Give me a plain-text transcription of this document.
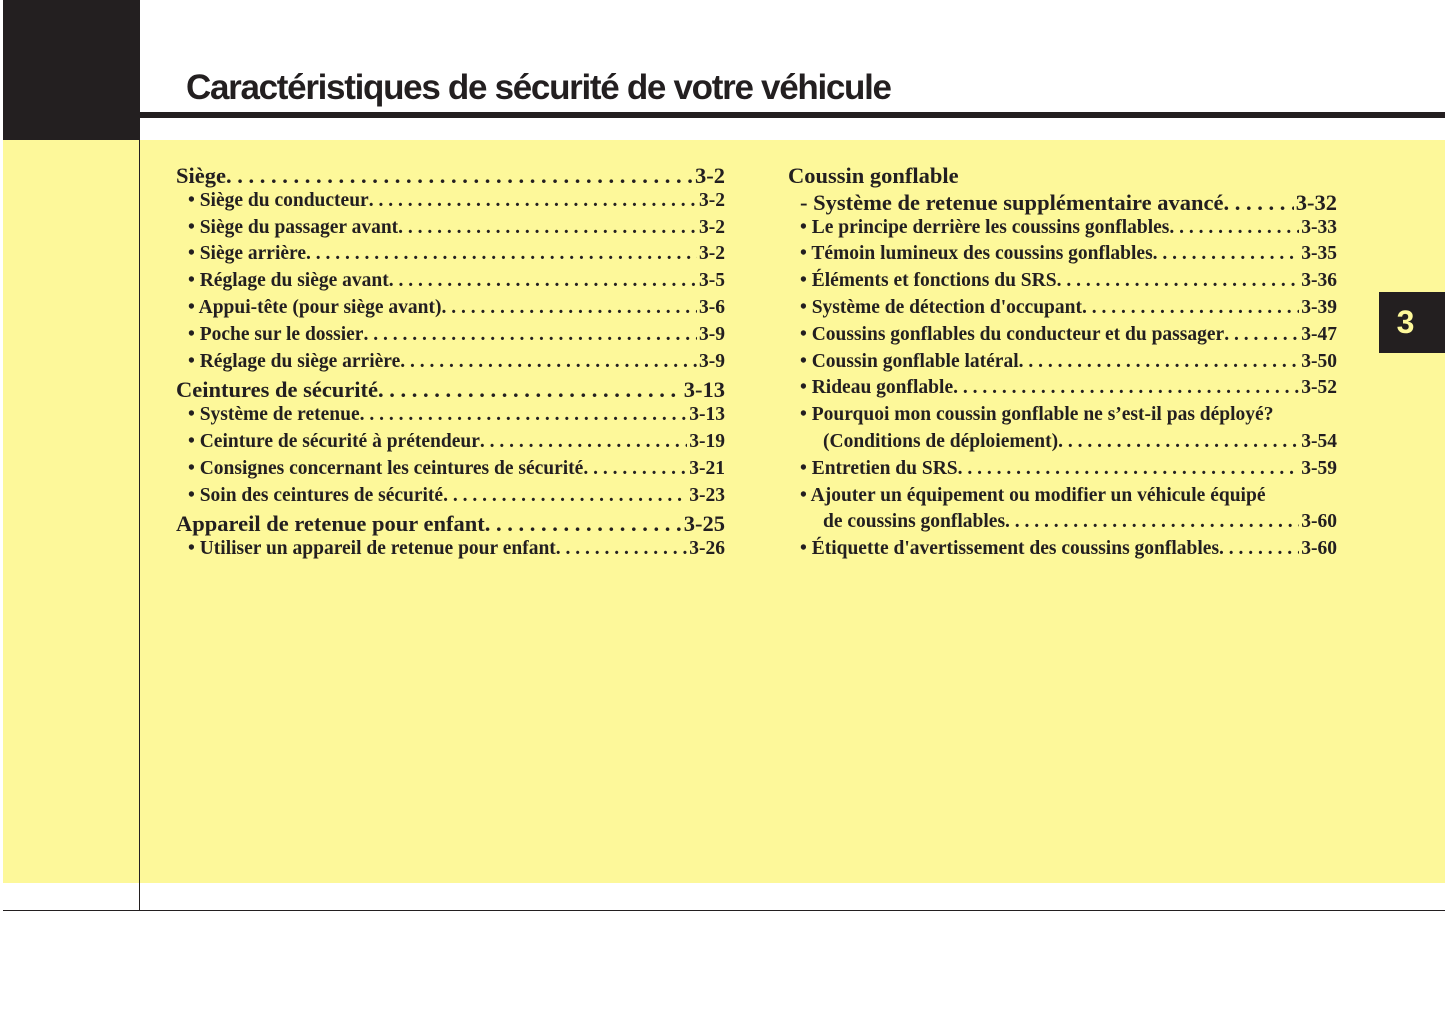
Caractéristiques de sécurité de votre véhicule
3
Siège . . .	3-2
• Siège du conducteur . . .	3-2
• Siège du passager avant . . .	3-2
• Siège arrière . . .	3-2
• Réglage du siège avant . . .	3-5
• Appui-tête (pour siège avant) . . .	3-6
• Poche sur le dossier . . .	3-9
• Réglage du siège arrière . . .	3-9
Ceintures de sécurité . . .	3-13
• Système de retenue . . .	3-13
• Ceinture de sécurité à prétendeur . . .	3-19
• Consignes concernant les ceintures de sécurité . . .	3-21
• Soin des ceintures de sécurité . . .	3-23
Appareil de retenue pour enfant . . .	3-25
• Utiliser un appareil de retenue pour enfant . . .	3-26
Coussin gonflable
- Système de retenue supplémentaire avancé . . .	3-32
• Le principe derrière les coussins gonflables . . .	3-33
• Témoin lumineux des coussins gonflables . . .	3-35
• Éléments et fonctions du SRS . . .	3-36
• Système de détection d'occupant . . .	3-39
• Coussins gonflables du conducteur et du passager . . .	3-47
• Coussin gonflable latéral . . .	3-50
• Rideau gonflable . . .	3-52
• Pourquoi mon coussin gonflable ne s’est-il pas déployé?
(Conditions de déploiement) . . .	3-54
• Entretien du SRS . . .	3-59
• Ajouter un équipement ou modifier un véhicule équipé
de coussins gonflables . . .	3-60
• Étiquette d'avertissement des coussins gonflables . . .	3-60
